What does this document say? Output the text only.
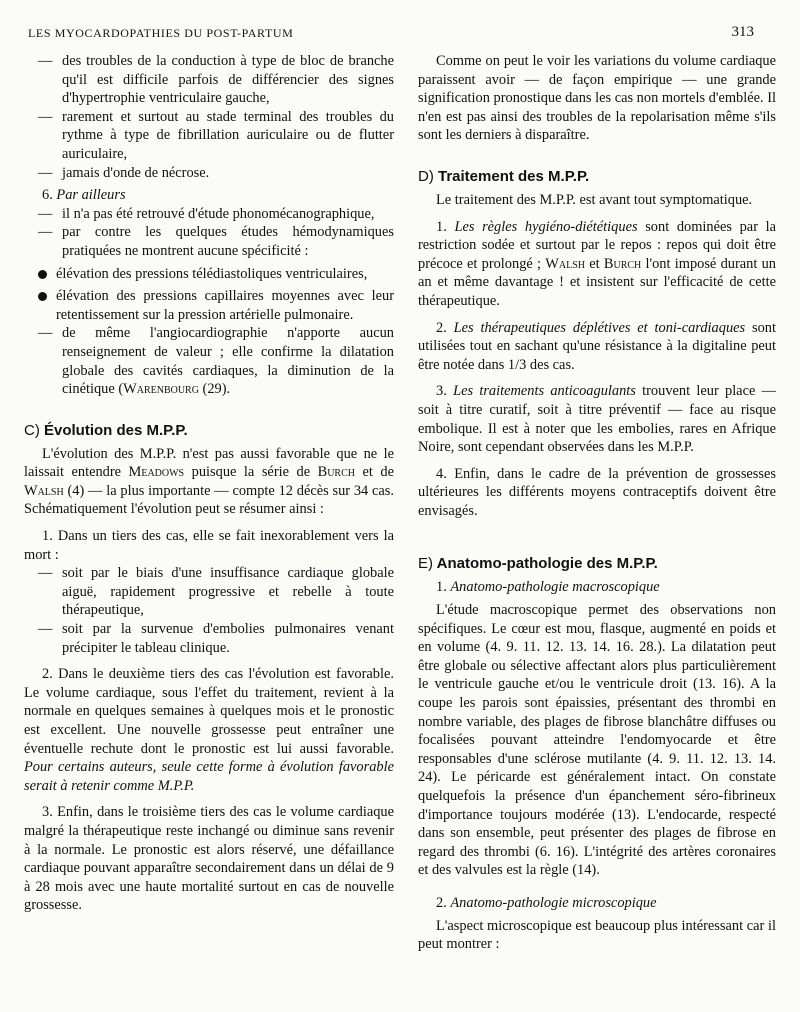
LES MYOCARDOPATHIES DU POST-PARTUM	313

— des troubles de la conduction à type de bloc de branche qu'il est difficile parfois de différencier des signes d'hypertrophie ventriculaire gauche,

— rarement et surtout au stade terminal des troubles du rythme à type de fibrillation auriculaire ou de flutter auriculaire,

— jamais d'onde de nécrose.

6. Par ailleurs

— il n'a pas été retrouvé d'étude phonomécanographique,

— par contre les quelques études hémodynamiques pratiquées ne montrent aucune spécificité :

élévation des pressions télédiastoliques ventriculaires,

élévation des pressions capillaires moyennes avec leur retentissement sur la pression artérielle pulmonaire.

— de même l'angiocardiographie n'apporte aucun renseignement de valeur ; elle confirme la dilatation globale des cavités cardiaques, la diminution de la cinétique (Warenbourg (29).

C) Évolution des M.P.P.

L'évolution des M.P.P. n'est pas aussi favorable que ne le laissait entendre Meadows puisque la série de Burch et de Walsh (4) — la plus importante — compte 12 décès sur 34 cas. Schématiquement l'évolution peut se résumer ainsi :

1. Dans un tiers des cas, elle se fait inexorablement vers la mort :

— soit par le biais d'une insuffisance cardiaque globale aiguë, rapidement progressive et rebelle à toute thérapeutique,

— soit par la survenue d'embolies pulmonaires venant précipiter le tableau clinique.

2. Dans le deuxième tiers des cas l'évolution est favorable. Le volume cardiaque, sous l'effet du traitement, revient à la normale en quelques semaines à quelques mois et le pronostic est excellent. Une nouvelle grossesse peut entraîner une éventuelle rechute dont le pronostic est lui aussi favorable. Pour certains auteurs, seule cette forme à évolution favorable serait à retenir comme M.P.P.

3. Enfin, dans le troisième tiers des cas le volume cardiaque malgré la thérapeutique reste inchangé ou diminue sans revenir à la normale. Le pronostic est alors réservé, une défaillance cardiaque pouvant apparaître secondairement dans un délai de 9 à 28 mois avec une haute mortalité surtout en cas de nouvelle grossesse.

Comme on peut le voir les variations du volume cardiaque paraissent avoir — de façon empirique — une grande signification pronostique dans les cas non mortels d'emblée. Il n'en est pas ainsi des troubles de la repolarisation même s'ils sont les derniers à disparaître.

D) Traitement des M.P.P.

Le traitement des M.P.P. est avant tout symptomatique.

1. Les règles hygiéno-diététiques sont dominées par la restriction sodée et surtout par le repos : repos qui doit être précoce et prolongé ; Walsh et Burch l'ont imposé durant un an et même davantage ! et insistent sur l'efficacité de cette thérapeutique.

2. Les thérapeutiques déplétives et toni-cardiaques sont utilisées tout en sachant qu'une résistance à la digitaline peut être notée dans 1/3 des cas.

3. Les traitements anticoagulants trouvent leur place — soit à titre curatif, soit à titre préventif — face au risque embolique. Il est à noter que les embolies, rares en Afrique Noire, sont cependant observées dans les M.P.P.

4. Enfin, dans le cadre de la prévention de grossesses ultérieures les différents moyens contraceptifs doivent être envisagés.

E) Anatomo-pathologie des M.P.P.

1. Anatomo-pathologie macroscopique

L'étude macroscopique permet des observations non spécifiques. Le cœur est mou, flasque, augmenté en poids et en volume (4. 9. 11. 12. 13. 14. 16. 28.). La dilatation peut être globale ou sélective affectant alors plus particulièrement le ventricule gauche et/ou le ventricule droit (13. 16). A la coupe les parois sont épaissies, présentant des thrombi en nombre variable, des plages de fibrose blanchâtre diffuses ou focalisées pouvant atteindre l'endomyocarde et être responsables d'une sclérose mutilante (4. 9. 11. 12. 13. 14. 24). Le péricarde est généralement intact. On constate quelquefois la présence d'un épanchement séro-fibrineux d'importance toujours modérée (13). L'endocarde, respecté dans son ensemble, peut présenter des plages de fibrose en regard des thrombi (6. 16). L'intégrité des artères coronaires et des valvules est la règle (14).

2. Anatomo-pathologie microscopique

L'aspect microscopique est beaucoup plus intéressant car il peut montrer :
